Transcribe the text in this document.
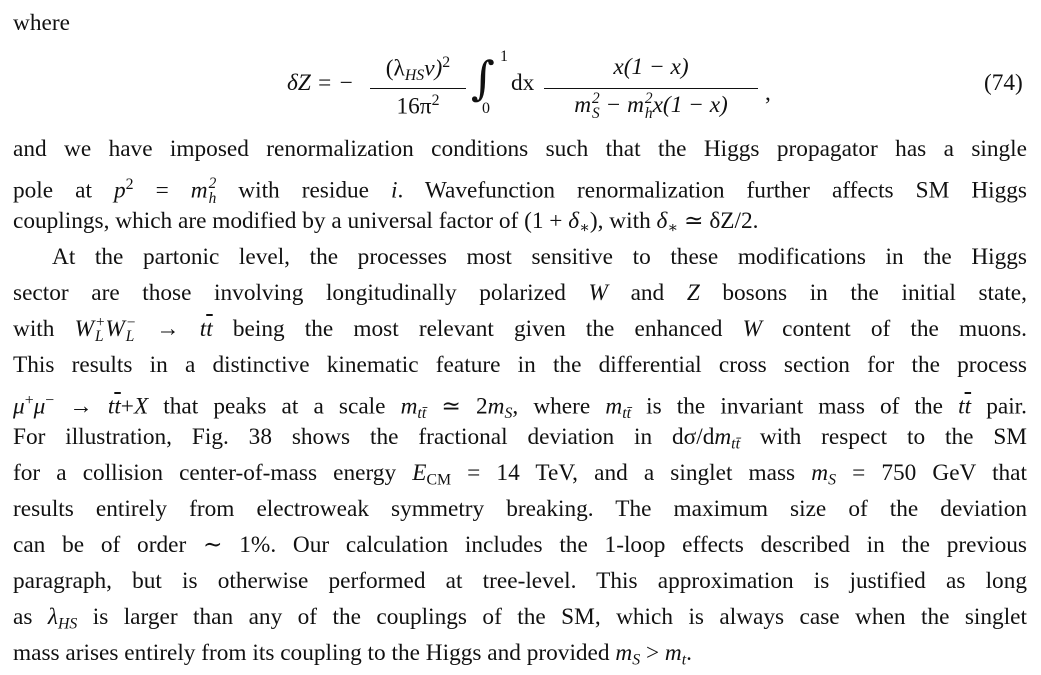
where
δZ = −
$(\lambda_{HS}v)^2$
$16\pi^2$ ∫ 1
0
dx
x(1 − x)
m 2
S − m 2
h x(1 − x)	,	(74)
and we have imposed renormalization conditions such that the Higgs propagator has a single
pole at $p^2 = m$ 2
h with residue i. Wavefunction renormalization further affects SM Higgs
couplings, which are modified by a universal factor of $(1 + \delta_∗)$, with $\delta_∗$ ≃ δZ/2.
At the partonic level, the processes most sensitive to these modifications in the Higgs
sector are those involving longitudinally polarized W and Z bosons in the initial state,
with W +
L W −
$L \to t\overline{t}$ being the most relevant given the enhanced W content of the muons.
This results in a distinctive kinematic feature in the differential cross section for the process
$\mu^+\mu^- \to t\overline{t}+X$ that peaks at a scale $m_{tt̄}$ ≃ $2m_S$, where $m_{tt̄}$ is the invariant mass of the $t\overline{t}$ pair.
For illustration, Fig. 38 shows the fractional deviation in $d\sigma/dm_{tt̄}$ with respect to the SM
for a collision center-of-mass energy $E_{CM} = 14$ TeV, and a singlet mass $m_S = 750$ GeV that
results entirely from electroweak symmetry breaking. The maximum size of the deviation
can be of order ∼ 1%. Our calculation includes the 1-loop effects described in the previous
paragraph, but is otherwise performed at tree-level. This approximation is justified as long
as $\lambda_{HS}$ is larger than any of the couplings of the SM, which is always case when the singlet
mass arises entirely from its coupling to the Higgs and provided $m_S > m_t$.
